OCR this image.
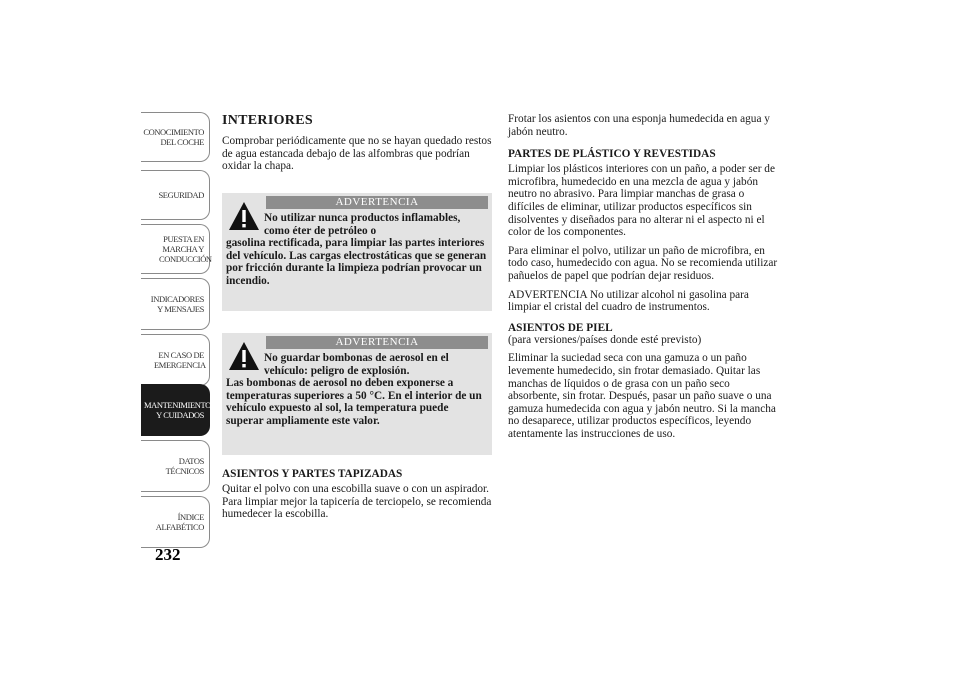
CONOCIMIENTO DEL COCHE
SEGURIDAD
PUESTA EN MARCHA Y CONDUCCIÓN
INDICADORES Y MENSAJES
EN CASO DE EMERGENCIA
MANTENIMIENTO Y CUIDADOS
DATOS TÉCNICOS
ÍNDICE ALFABÉTICO
232
INTERIORES

Comprobar periódicamente que no se hayan quedado restos de agua estancada debajo de las alfombras que podrían oxidar la chapa.

ADVERTENCIA
No utilizar nunca productos inflamables, como éter de petróleo o
gasolina rectificada, para limpiar las partes interiores del vehículo. Las cargas electrostáticas que se generan por fricción durante la limpieza podrían provocar un incendio.
ADVERTENCIA
No guardar bombonas de aerosol en el vehículo: peligro de explosión.
Las bombonas de aerosol no deben exponerse a temperaturas superiores a 50 °C. En el interior de un vehículo expuesto al sol, la temperatura puede superar ampliamente este valor.
ASIENTOS Y PARTES TAPIZADAS

Quitar el polvo con una escobilla suave o con un aspirador. Para limpiar mejor la tapicería de terciopelo, se recomienda humedecer la escobilla.

Frotar los asientos con una esponja humedecida en agua y jabón neutro.

PARTES DE PLÁSTICO Y REVESTIDAS

Limpiar los plásticos interiores con un paño, a poder ser de microfibra, humedecido en una mezcla de agua y jabón neutro no abrasivo. Para limpiar manchas de grasa o difíciles de eliminar, utilizar productos específicos sin disolventes y diseñados para no alterar ni el aspecto ni el color de los componentes.

Para eliminar el polvo, utilizar un paño de microfibra, en todo caso, humedecido con agua. No se recomienda utilizar pañuelos de papel que podrían dejar residuos.

ADVERTENCIA No utilizar alcohol ni gasolina para limpiar el cristal del cuadro de instrumentos.

ASIENTOS DE PIEL

(para versiones/países donde esté previsto)

Eliminar la suciedad seca con una gamuza o un paño levemente humedecido, sin frotar demasiado. Quitar las manchas de líquidos o de grasa con un paño seco absorbente, sin frotar. Después, pasar un paño suave o una gamuza humedecida con agua y jabón neutro. Si la mancha no desaparece, utilizar productos específicos, leyendo atentamente las instrucciones de uso.
